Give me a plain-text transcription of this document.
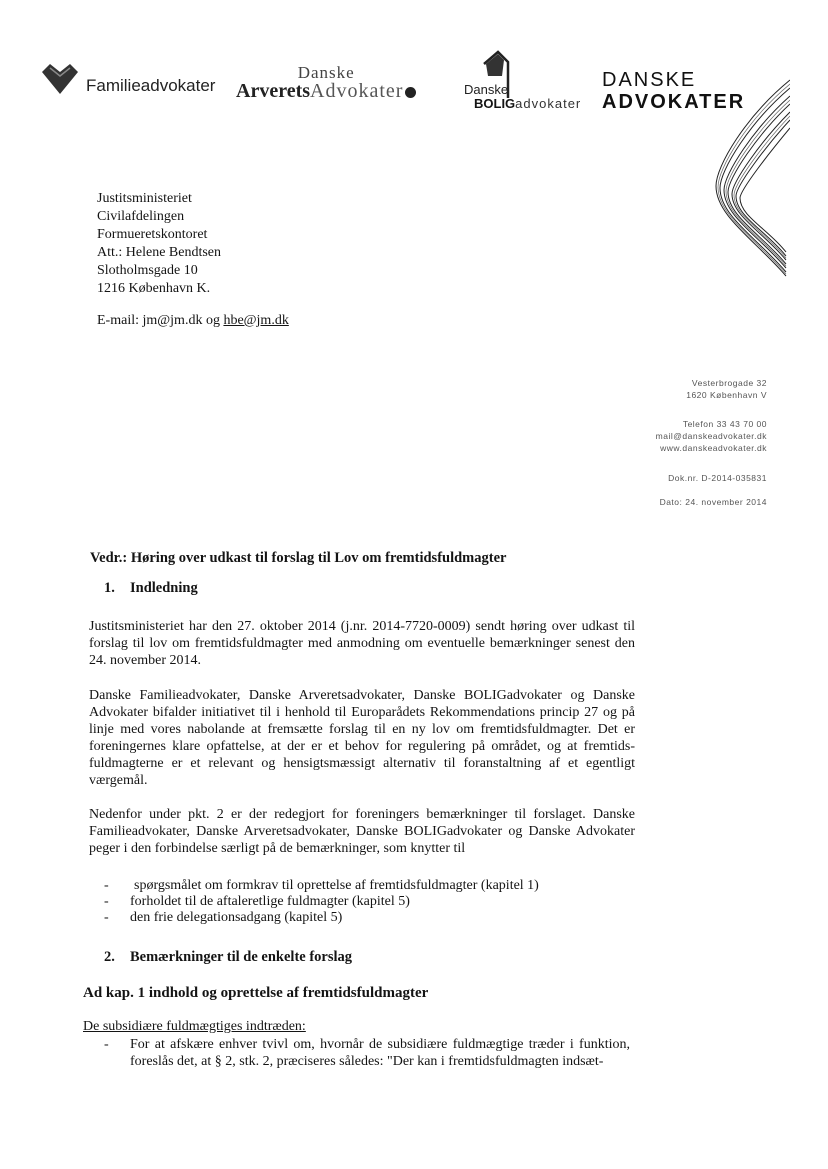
Familieadvokater
Danske
ArveretsAdvokater	Danske
BOLIGadvokater
DANSKE
ADVOKATER
Justitsministeriet
Civilafdelingen
Formueretskontoret
Att.: Helene Bendtsen
Slotholmsgade 10
1216 København K.
E-mail: jm@jm.dk og hbe@jm.dk
Vesterbrogade 32
1620 København V
Telefon 33 43 70 00
mail@danskeadvokater.dk
www.danskeadvokater.dk
Dok.nr. D-2014-035831
Dato: 24. november 2014
Vedr.: Høring over udkast til forslag til Lov om fremtidsfuldmagter
1. Indledning
Justitsministeriet har den 27. oktober 2014 (j.nr. 2014-7720-0009) sendt høring over udkast til forslag til lov om fremtidsfuldmagter med anmodning om eventuelle bemærkninger senest den 24. november 2014.
Danske Familieadvokater, Danske Arveretsadvokater, Danske BOLIGadvokater og Danske Advokater bifalder initiativet til i henhold til Europarådets Rekommendations princip 27 og på linje med vores nabolande at fremsætte forslag til en ny lov om fremtidsfuldmagter. Det er foreningernes klare opfattelse, at der er et behov for regulering på området, og at fremtids-fuldmagterne er et relevant og hensigtsmæssigt alternativ til foranstaltning af et egentligt værgemål.
Nedenfor under pkt. 2 er der redegjort for foreningers bemærkninger til forslaget. Danske Familieadvokater, Danske Arveretsadvokater, Danske BOLIGadvokater og Danske Advokater peger i den forbindelse særligt på de bemærkninger, som knytter til
-	spørgsmålet om formkrav til oprettelse af fremtidsfuldmagter (kapitel 1)
-	forholdet til de aftaleretlige fuldmagter (kapitel 5)
-	den frie delegationsadgang (kapitel 5)
2. Bemærkninger til de enkelte forslag
Ad kap. 1 indhold og oprettelse af fremtidsfuldmagter
De subsidiære fuldmægtiges indtræden:
-	For at afskære enhver tvivl om, hvornår de subsidiære fuldmægtige træder i funktion, foreslås det, at § 2, stk. 2, præciseres således: "Der kan i fremtidsfuldmagten indsæt-
